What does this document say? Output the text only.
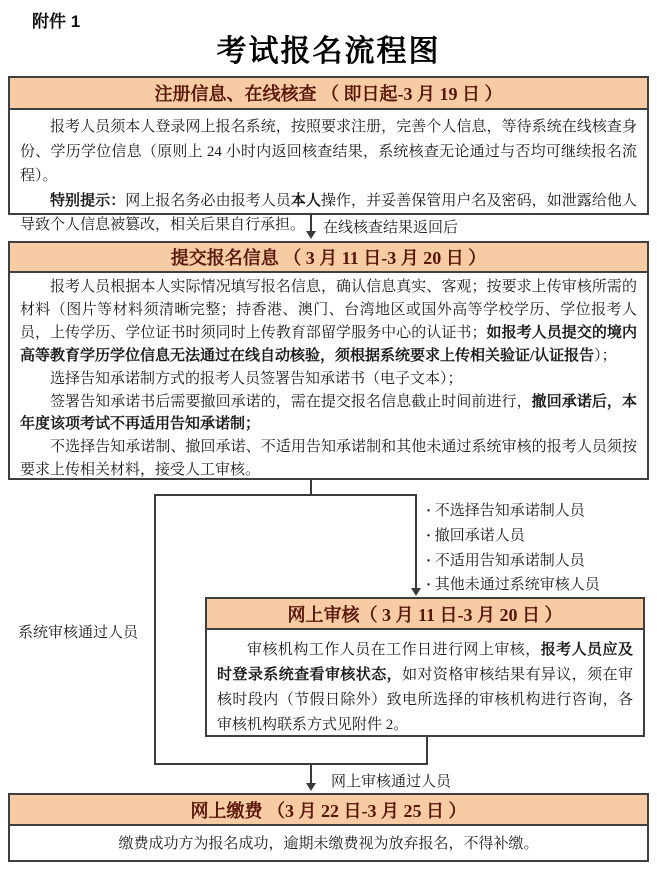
附件 1
考试报名流程图
注册信息、在线核查 （ 即日起-3 月 19 日 ）

报考人员须本人登录网上报名系统，按照要求注册，完善个人信息，等待系统在线核查身份、学历学位信息（原则上 24 小时内返回核查结果，系统核查无论通过与否均可继续报名流程）。

特别提示：网上报名务必由报考人员本人操作，并妥善保管用户名及密码，如泄露给他人导致个人信息被篡改，相关后果自行承担。	在线核查结果返回后
提交报名信息 （ 3 月 11 日-3 月 20 日 ）

报考人员根据本人实际情况填写报名信息，确认信息真实、客观；按要求上传审核所需的材料（图片等材料须清晰完整；持香港、澳门、台湾地区或国外高等学校学历、学位报考人员，上传学历、学位证书时须同时上传教育部留学服务中心的认证书；如报考人员提交的境内高等教育学历学位信息无法通过在线自动核验，须根据系统要求上传相关验证/认证报告）；

选择告知承诺制方式的报考人员签署告知承诺书（电子文本）；

签署告知承诺书后需要撤回承诺的，需在提交报名信息截止时间前进行，撤回承诺后，本年度该项考试不再适用告知承诺制；

不选择告知承诺制、撤回承诺、不适用告知承诺制和其他未通过系统审核的报考人员须按要求上传相关材料，接受人工审核。

· 不选择告知承诺制人员
· 撤回承诺人员
· 不适用告知承诺制人员
· 其他未通过系统审核人员
系统审核通过人员
网上审核（ 3 月 11 日-3 月 20 日 ）

审核机构工作人员在工作日进行网上审核，报考人员应及时登录系统查看审核状态，如对资格审核结果有异议，须在审核时段内（节假日除外）致电所选择的审核机构进行咨询，各审核机构联系方式见附件 2。

网上审核通过人员
网上缴费 （3 月 22 日-3 月 25 日 ）

缴费成功方为报名成功，逾期未缴费视为放弃报名，不得补缴。
